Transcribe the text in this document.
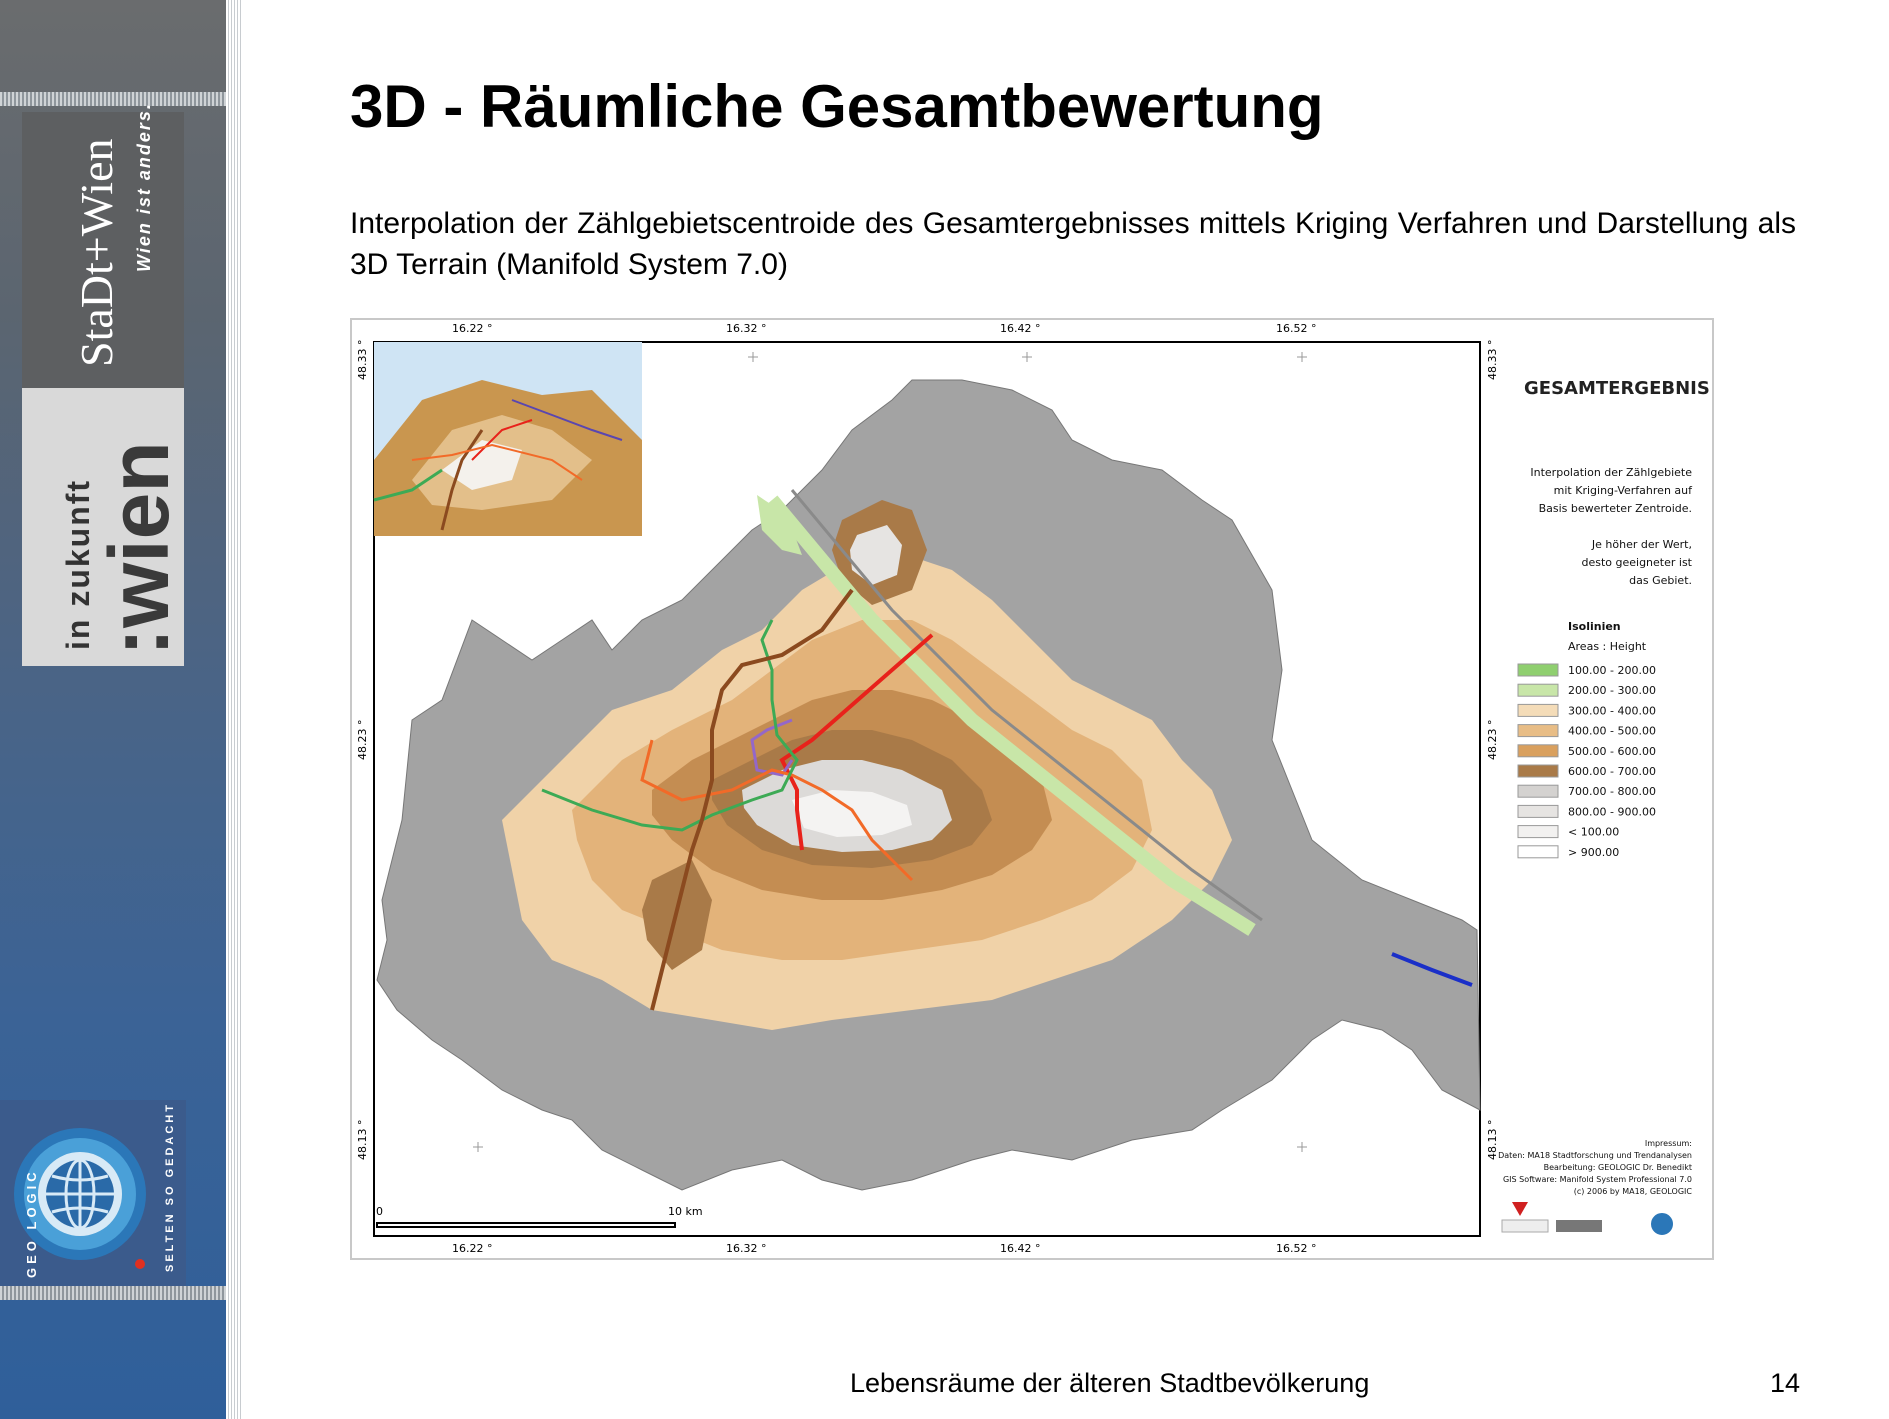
StaDt+Wien Wien ist anders.
in zukunft
:wien
GEO LOGIC	SELTEN SO GEDACHT
3D - Räumliche Gesamtbewertung
Interpolation der Zählgebietscentroide des Gesamtergebnisses mittels Kriging Verfahren und Darstellung als 3D Terrain (Manifold System 7.0)
0	10 km
16.22 °	16.32 °	16.42 °	16.52 °
16.22 °	16.32 °	16.42 °	16.52 °
48.33 °
48.23 °
48.13 °
48.33 °
48.23 °
48.13 °
GESAMTERGEBNIS
Interpolation der Zählgebiete
mit Kriging-Verfahren auf
Basis bewerteter Zentroide.
Je höher der Wert,
desto geeigneter ist
das Gebiet.
Isolinien
Areas : Height
100.00 - 200.00
200.00 - 300.00
300.00 - 400.00
400.00 - 500.00
500.00 - 600.00
600.00 - 700.00
700.00 - 800.00
800.00 - 900.00
< 100.00
> 900.00
Impressum:
Daten: MA18 Stadtforschung und Trendanalysen
Bearbeitung: GEOLOGIC Dr. Benedikt
GIS Software: Manifold System Professional 7.0
(c) 2006 by MA18, GEOLOGIC
Lebensräume der älteren Stadtbevölkerung	14
